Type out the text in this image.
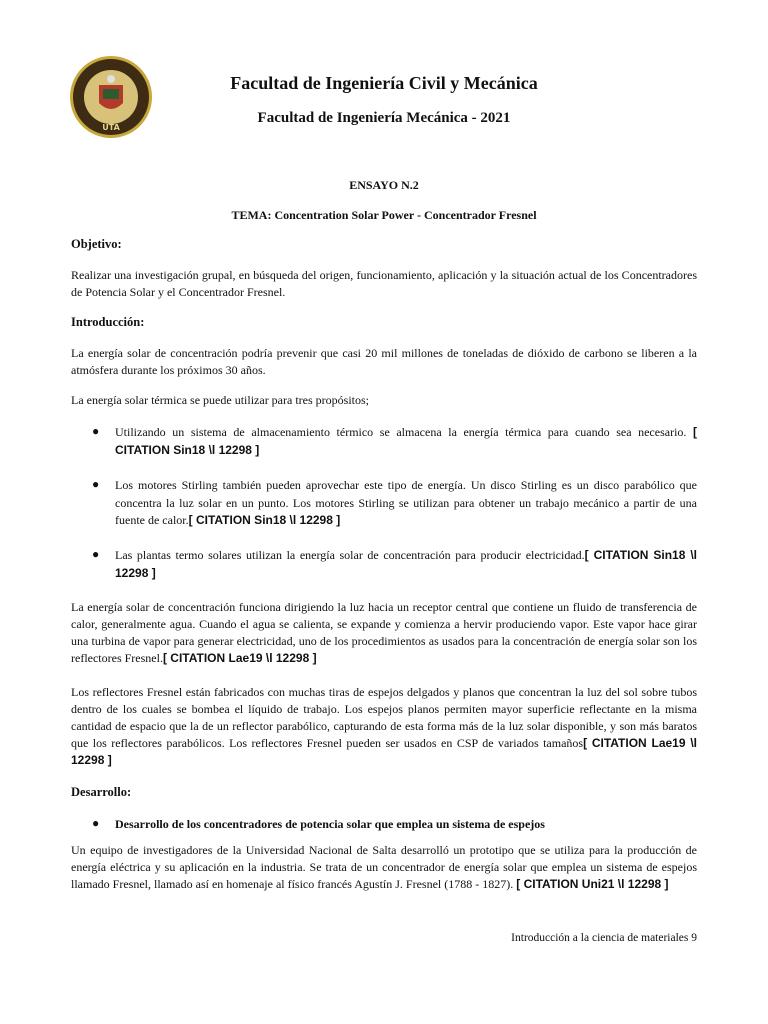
UTA
Facultad de Ingeniería Civil y Mecánica
Facultad de Ingeniería Mecánica - 2021
ENSAYO N.2
TEMA: Concentration Solar Power - Concentrador Fresnel
Objetivo:
Realizar una investigación grupal, en búsqueda del origen, funcionamiento, aplicación y la situación actual de los Concentradores de Potencia Solar y el Concentrador Fresnel.
Introducción:
La energía solar de concentración podría prevenir que casi 20 mil millones de toneladas de dióxido de carbono se liberen a la atmósfera durante los próximos 30 años.
La energía solar térmica se puede utilizar para tres propósitos;
● Utilizando un sistema de almacenamiento térmico se almacena la energía térmica para cuando sea necesario. [ CITATION Sin18 \l 12298 ]
● Los motores Stirling también pueden aprovechar este tipo de energía. Un disco Stirling es un disco parabólico que concentra la luz solar en un punto. Los motores Stirling se utilizan para obtener un trabajo mecánico a partir de una fuente de calor.[ CITATION Sin18 \l 12298 ]
● Las plantas termo solares utilizan la energía solar de concentración para producir electricidad.[ CITATION Sin18 \l 12298 ]
La energía solar de concentración funciona dirigiendo la luz hacia un receptor central que contiene un fluido de transferencia de calor, generalmente agua. Cuando el agua se calienta, se expande y comienza a hervir produciendo vapor. Este vapor hace girar una turbina de vapor para generar electricidad, uno de los procedimientos as usados para la concentración de energía solar son los reflectores Fresnel.[ CITATION Lae19 \l 12298 ]
Los reflectores Fresnel están fabricados con muchas tiras de espejos delgados y planos que concentran la luz del sol sobre tubos dentro de los cuales se bombea el líquido de trabajo. Los espejos planos permiten mayor superficie reflectante en la misma cantidad de espacio que la de un reflector parabólico, capturando de esta forma más de la luz solar disponible, y son más baratos que los reflectores parabólicos. Los reflectores Fresnel pueden ser usados en CSP de variados tamaños[ CITATION Lae19 \l 12298 ]
Desarrollo:
● Desarrollo de los concentradores de potencia solar que emplea un sistema de espejos
Un equipo de investigadores de la Universidad Nacional de Salta desarrolló un prototipo que se utiliza para la producción de energía eléctrica y su aplicación en la industria. Se trata de un concentrador de energía solar que emplea un sistema de espejos llamado Fresnel, llamado así en homenaje al físico francés Agustín J. Fresnel (1788 - 1827). [ CITATION Uni21 \l 12298 ]
Introducción a la ciencia de materiales 9
